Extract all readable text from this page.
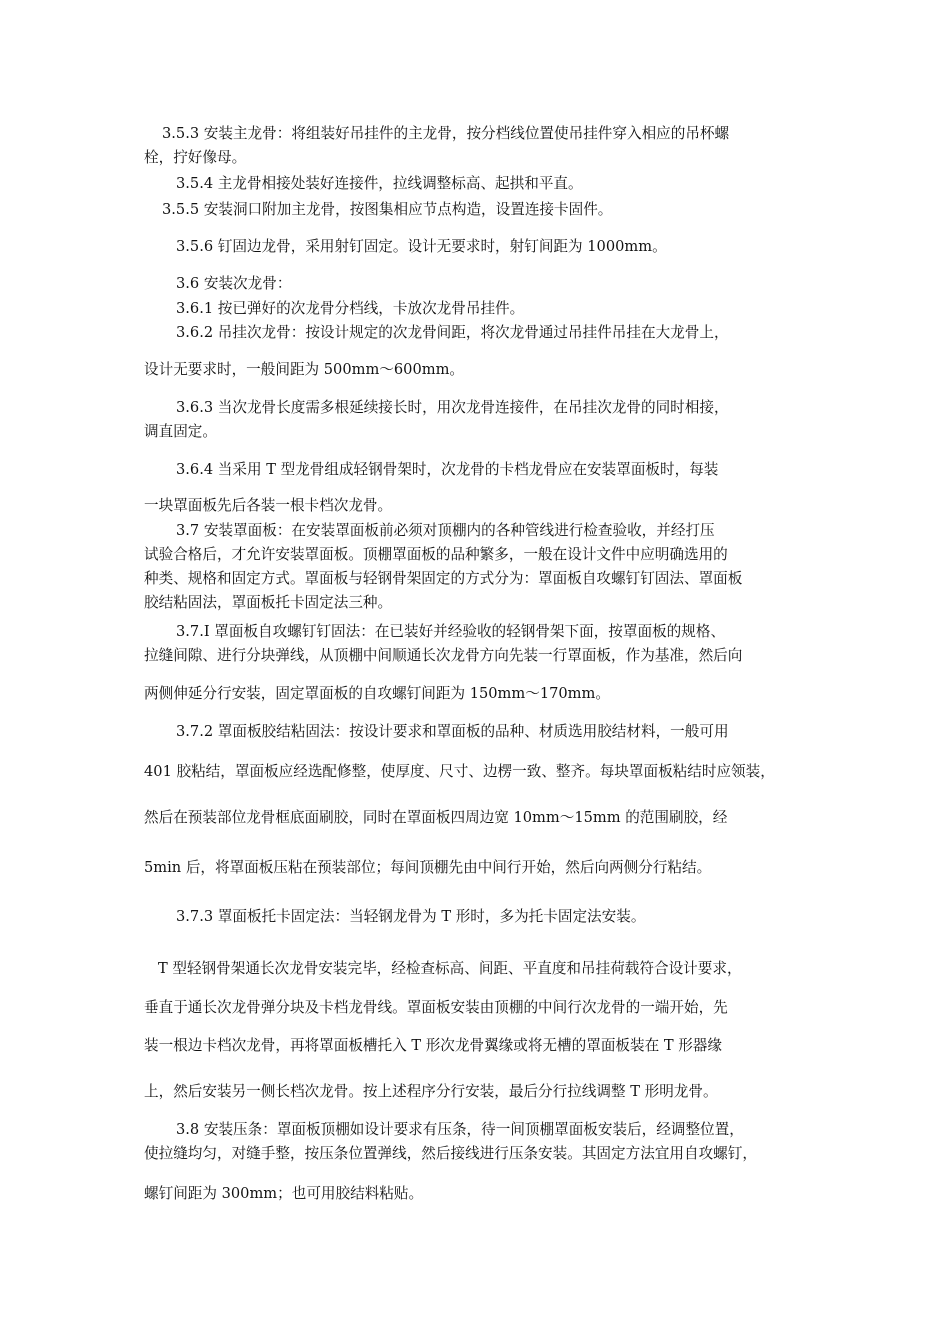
3.5.3 安装主龙骨：将组装好吊挂件的主龙骨，按分档线位置使吊挂件穿入相应的吊杯螺
栓，拧好像母。

3.5.4 主龙骨相接处装好连接件，拉线调整标高、起拱和平直。

3.5.5 安装洞口附加主龙骨，按图集相应节点构造，设置连接卡固件。

3.5.6 钉固边龙骨，采用射钉固定。设计无要求时，射钉间距为 1000mm。

3.6 安装次龙骨：

3.6.1 按已弹好的次龙骨分档线，卡放次龙骨吊挂件。

3.6.2 吊挂次龙骨：按设计规定的次龙骨间距，将次龙骨通过吊挂件吊挂在大龙骨上，

设计无要求时，一般间距为 500mm～600mm。

3.6.3 当次龙骨长度需多根延续接长时，用次龙骨连接件，在吊挂次龙骨的同时相接，
调直固定。

3.6.4 当采用 T 型龙骨组成轻钢骨架时，次龙骨的卡档龙骨应在安装罩面板时，每装

一块罩面板先后各装一根卡档次龙骨。

3.7 安装罩面板：在安装罩面板前必须对顶棚内的各种管线进行检查验收，并经打压
试验合格后，才允许安装罩面板。顶棚罩面板的品种繁多，一般在设计文件中应明确选用的
种类、规格和固定方式。罩面板与轻钢骨架固定的方式分为：罩面板自攻螺钉钉固法、罩面板
胶结粘固法，罩面板托卡固定法三种。

3.7.Ⅰ 罩面板自攻螺钉钉固法：在已装好并经验收的轻钢骨架下面，按罩面板的规格、
拉缝间隙、进行分块弹线，从顶棚中间顺通长次龙骨方向先装一行罩面板，作为基准，然后向

两侧伸延分行安装，固定罩面板的自攻螺钉间距为 150mm～170mm。

3.7.2 罩面板胶结粘固法：按设计要求和罩面板的品种、材质选用胶结材料，一般可用

401 胶粘结，罩面板应经选配修整，使厚度、尺寸、边楞一致、整齐。每块罩面板粘结时应领装，

然后在预装部位龙骨框底面刷胶，同时在罩面板四周边宽 10mm～15mm 的范围刷胶，经

5min 后，将罩面板压粘在预装部位；每间顶棚先由中间行开始，然后向两侧分行粘结。

3.7.3 罩面板托卡固定法：当轻钢龙骨为 T 形时，多为托卡固定法安装。

T 型轻钢骨架通长次龙骨安装完毕，经检查标高、间距、平直度和吊挂荷载符合设计要求，

垂直于通长次龙骨弹分块及卡档龙骨线。罩面板安装由顶棚的中间行次龙骨的一端开始，先

装一根边卡档次龙骨，再将罩面板槽托入 T 形次龙骨翼缘或将无槽的罩面板装在 T 形器缘

上，然后安装另一侧长档次龙骨。按上述程序分行安装，最后分行拉线调整 T 形明龙骨。

3.8 安装压条：罩面板顶棚如设计要求有压条，待一间顶棚罩面板安装后，经调整位置，
使拉缝均匀，对缝手整，按压条位置弹线，然后接线进行压条安装。其固定方法宜用自攻螺钉，

螺钉间距为 300mm；也可用胶结料粘贴。
